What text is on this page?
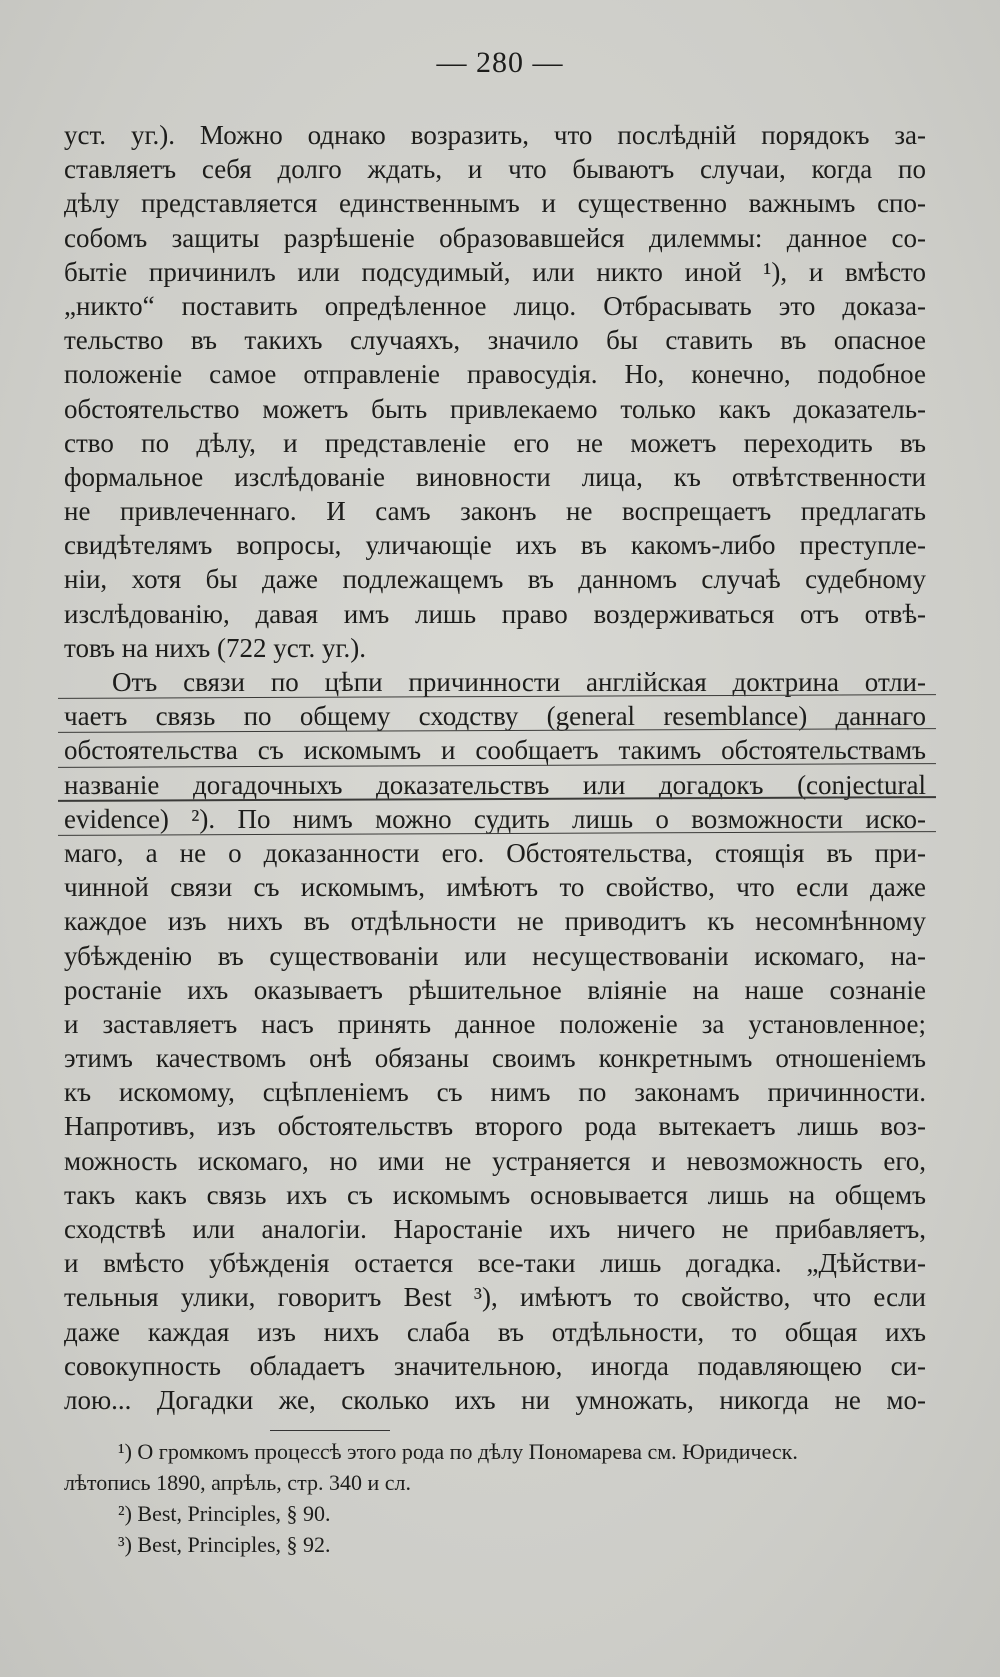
— 280 —
уст. уг.). Можно однако возразить, что послѣднiй порядокъ за-
ставляетъ себя долго ждать, и что бываютъ случаи, когда по
дѣлу представляется единственнымъ и существенно важнымъ спо-
собомъ защиты разрѣшенiе образовавшейся дилеммы: данное со-
бытiе причинилъ или подсудимый, или никто иной ¹), и вмѣсто
„никто“ поставить опредѣленное лицо. Отбрасывать это доказа-
тельство въ такихъ случаяхъ, значило бы ставить въ опасное
положенiе самое отправленiе правосудiя. Но, конечно, подобное
обстоятельство можетъ быть привлекаемо только какъ доказатель-
ство по дѣлу, и представленiе его не можетъ переходить въ
формальное изслѣдованiе виновности лица, къ отвѣтственности
не привлеченнаго. И самъ законъ не воспрещаетъ предлагать
свидѣтелямъ вопросы, уличающiе ихъ въ какомъ-либо преступле-
нiи, хотя бы даже подлежащемъ въ данномъ случаѣ судебному
изслѣдованiю, давая имъ лишь право воздерживаться отъ отвѣ-
товъ на нихъ (722 уст. уг.).
Отъ связи по цѣпи причинности англiйская доктрина отли-
чаетъ связь по общему сходству (general resemblance) даннаго
обстоятельства съ искомымъ и сообщаетъ такимъ обстоятельствамъ
названiе догадочныхъ доказательствъ или догадокъ (conjectural
evidence) ²). По нимъ можно судить лишь о возможности иско-
маго, а не о доказанности его. Обстоятельства, стоящiя въ при-
чинной связи съ искомымъ, имѣютъ то свойство, что если даже
каждое изъ нихъ въ отдѣльности не приводитъ къ несомнѣнному
убѣжденiю въ существованiи или несуществованiи искомаго, на-
ростанiе ихъ оказываетъ рѣшительное влiянiе на наше сознанiе
и заставляетъ насъ принять данное положенiе за установленное;
этимъ качествомъ онѣ обязаны своимъ конкретнымъ отношенiемъ
къ искомому, сцѣпленiемъ съ нимъ по законамъ причинности.
Напротивъ, изъ обстоятельствъ второго рода вытекаетъ лишь воз-
можность искомаго, но ими не устраняется и невозможность его,
такъ какъ связь ихъ съ искомымъ основывается лишь на общемъ
сходствѣ или аналогiи. Наростанiе ихъ ничего не прибавляетъ,
и вмѣсто убѣжденiя остается все-таки лишь догадка. „Дѣйстви-
тельныя улики, говоритъ Best ³), имѣютъ то свойство, что если
даже каждая изъ нихъ слаба въ отдѣльности, то общая ихъ
совокупность обладаетъ значительною, иногда подавляющею си-
лою... Догадки же, сколько ихъ ни умножать, никогда не мо-
¹) О громкомъ процессѣ этого рода по дѣлу Пономарева см. Юридическ.
лѣтопись 1890, апрѣль, стр. 340 и сл.
²) Best, Principles, § 90.
³) Best, Principles, § 92.
